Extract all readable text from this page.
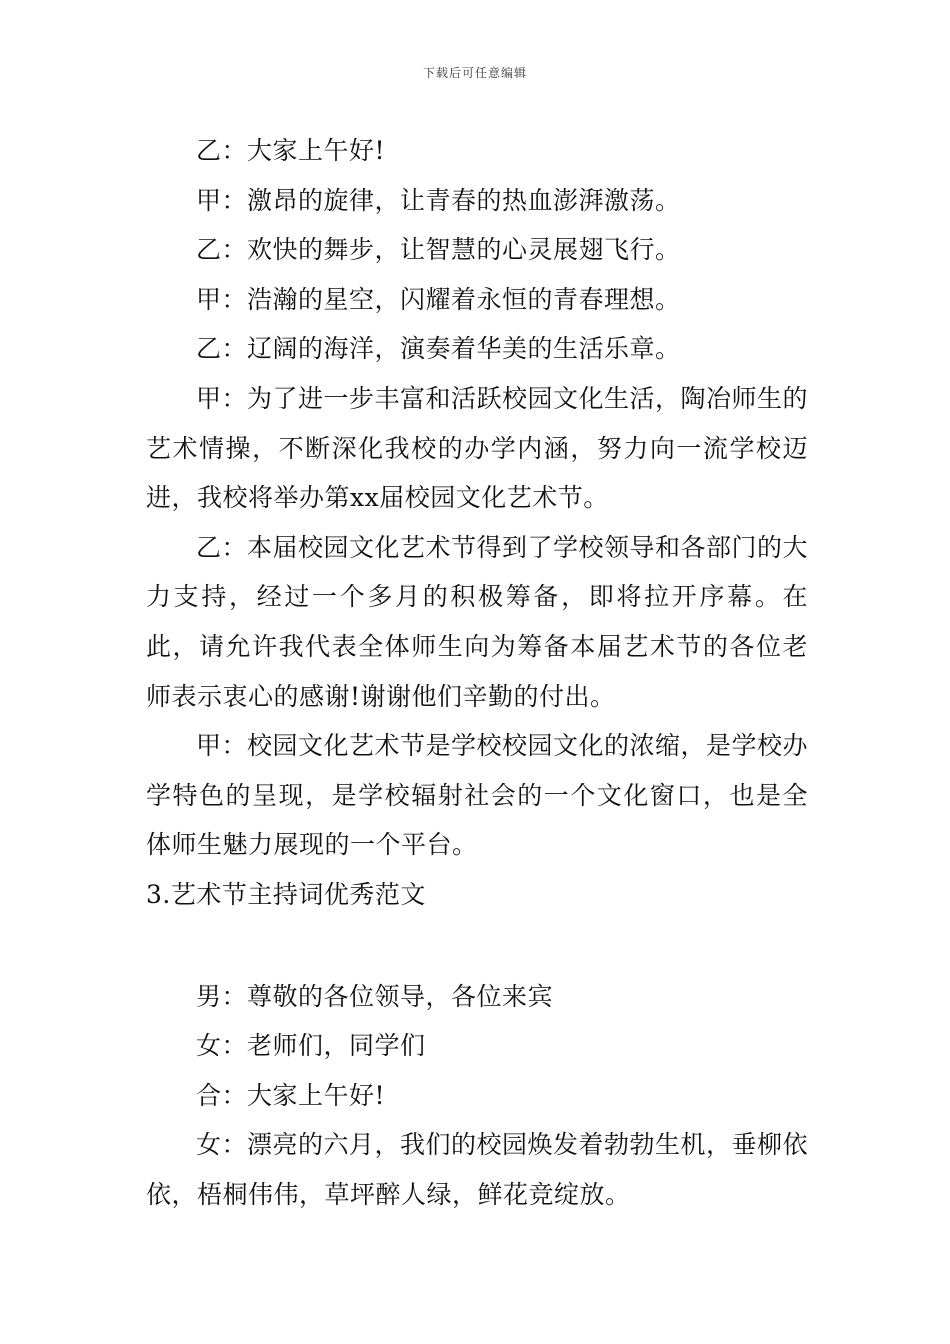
下载后可任意编辑

乙：大家上午好!

甲：激昂的旋律，让青春的热血澎湃激荡。

乙：欢快的舞步，让智慧的心灵展翅飞行。

甲：浩瀚的星空，闪耀着永恒的青春理想。

乙：辽阔的海洋，演奏着华美的生活乐章。

甲：为了进一步丰富和活跃校园文化生活，陶冶师生的艺术情操，不断深化我校的办学内涵，努力向一流学校迈进，我校将举办第xx届校园文化艺术节。

乙：本届校园文化艺术节得到了学校领导和各部门的大力支持，经过一个多月的积极筹备，即将拉开序幕。在此，请允许我代表全体师生向为筹备本届艺术节的各位老师表示衷心的感谢!谢谢他们辛勤的付出。

甲：校园文化艺术节是学校校园文化的浓缩，是学校办学特色的呈现，是学校辐射社会的一个文化窗口，也是全体师生魅力展现的一个平台。

3.艺术节主持词优秀范文

男：尊敬的各位领导，各位来宾

女：老师们，同学们

合：大家上午好!

女：漂亮的六月，我们的校园焕发着勃勃生机，垂柳依依，梧桐伟伟，草坪醉人绿，鲜花竞绽放。
